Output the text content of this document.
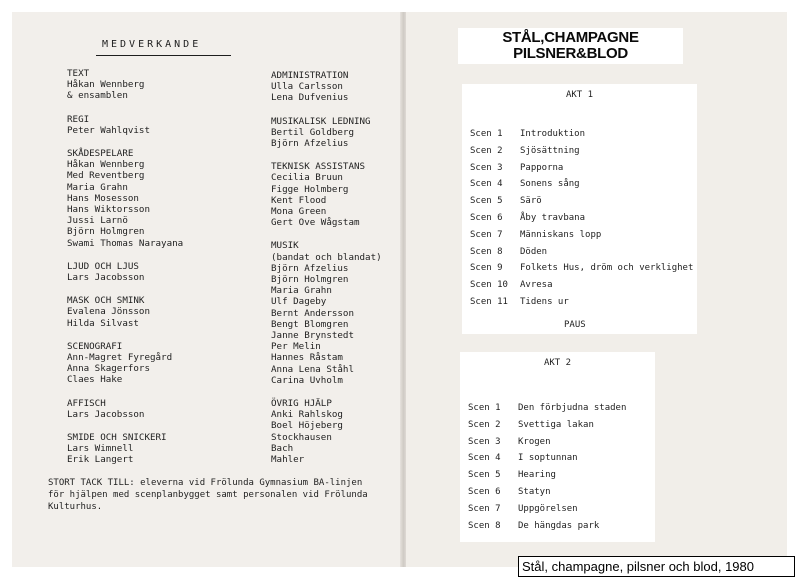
MEDVERKANDE
TEXT
Håkan Wennberg
& ensamblen
REGI
Peter Wahlqvist
SKÅDESPELARE
Håkan Wennberg
Med Reventberg
Maria Grahn
Hans Mosesson
Hans Wiktorsson
Jussi Larnö
Björn Holmgren
Swami Thomas Narayana
LJUD OCH LJUS
Lars Jacobsson
MASK OCH SMINK
Evalena Jönsson
Hilda Silvast
SCENOGRAFI
Ann-Magret Fyregård
Anna Skagerfors
Claes Hake
AFFISCH
Lars Jacobsson
SMIDE OCH SNICKERI
Lars Wimnell
Erik Langert
ADMINISTRATION
Ulla Carlsson
Lena Dufvenius
MUSIKALISK LEDNING
Bertil Goldberg
Björn Afzelius
TEKNISK ASSISTANS
Cecilia Bruun
Figge Holmberg
Kent Flood
Mona Green
Gert Ove Wågstam
MUSIK
(bandat och blandat)
Björn Afzelius
Björn Holmgren
Maria Grahn
Ulf Dageby
Bernt Andersson
Bengt Blomgren
Janne Brynstedt
Per Melin
Hannes Råstam
Anna Lena Ståhl
Carina Uvholm
ÖVRIG HJÄLP
Anki Rahlskog
Boel Höjeberg
Stockhausen
Bach
Mahler
STORT TACK TILL: eleverna vid Frölunda Gymnasium BA-linjen
för hjälpen med scenplanbygget samt personalen vid Frölunda
Kulturhus.
STÅL,CHAMPAGNE
PILSNER&BLOD
AKT 1
Scen 1 Introduktion
Scen 2 Sjösättning
Scen 3 Papporna
Scen 4 Sonens sång
Scen 5 Särö
Scen 6 Åby travbana
Scen 7 Människans lopp
Scen 8 Döden
Scen 9 Folkets Hus, dröm och verklighet
Scen 10 Avresa
Scen 11 Tidens ur
PAUS
AKT 2
Scen 1 Den förbjudna staden
Scen 2 Svettiga lakan
Scen 3 Krogen
Scen 4 I soptunnan
Scen 5 Hearing
Scen 6 Statyn
Scen 7 Uppgörelsen
Scen 8 De hängdas park
Stål, champagne, pilsner och blod, 1980
